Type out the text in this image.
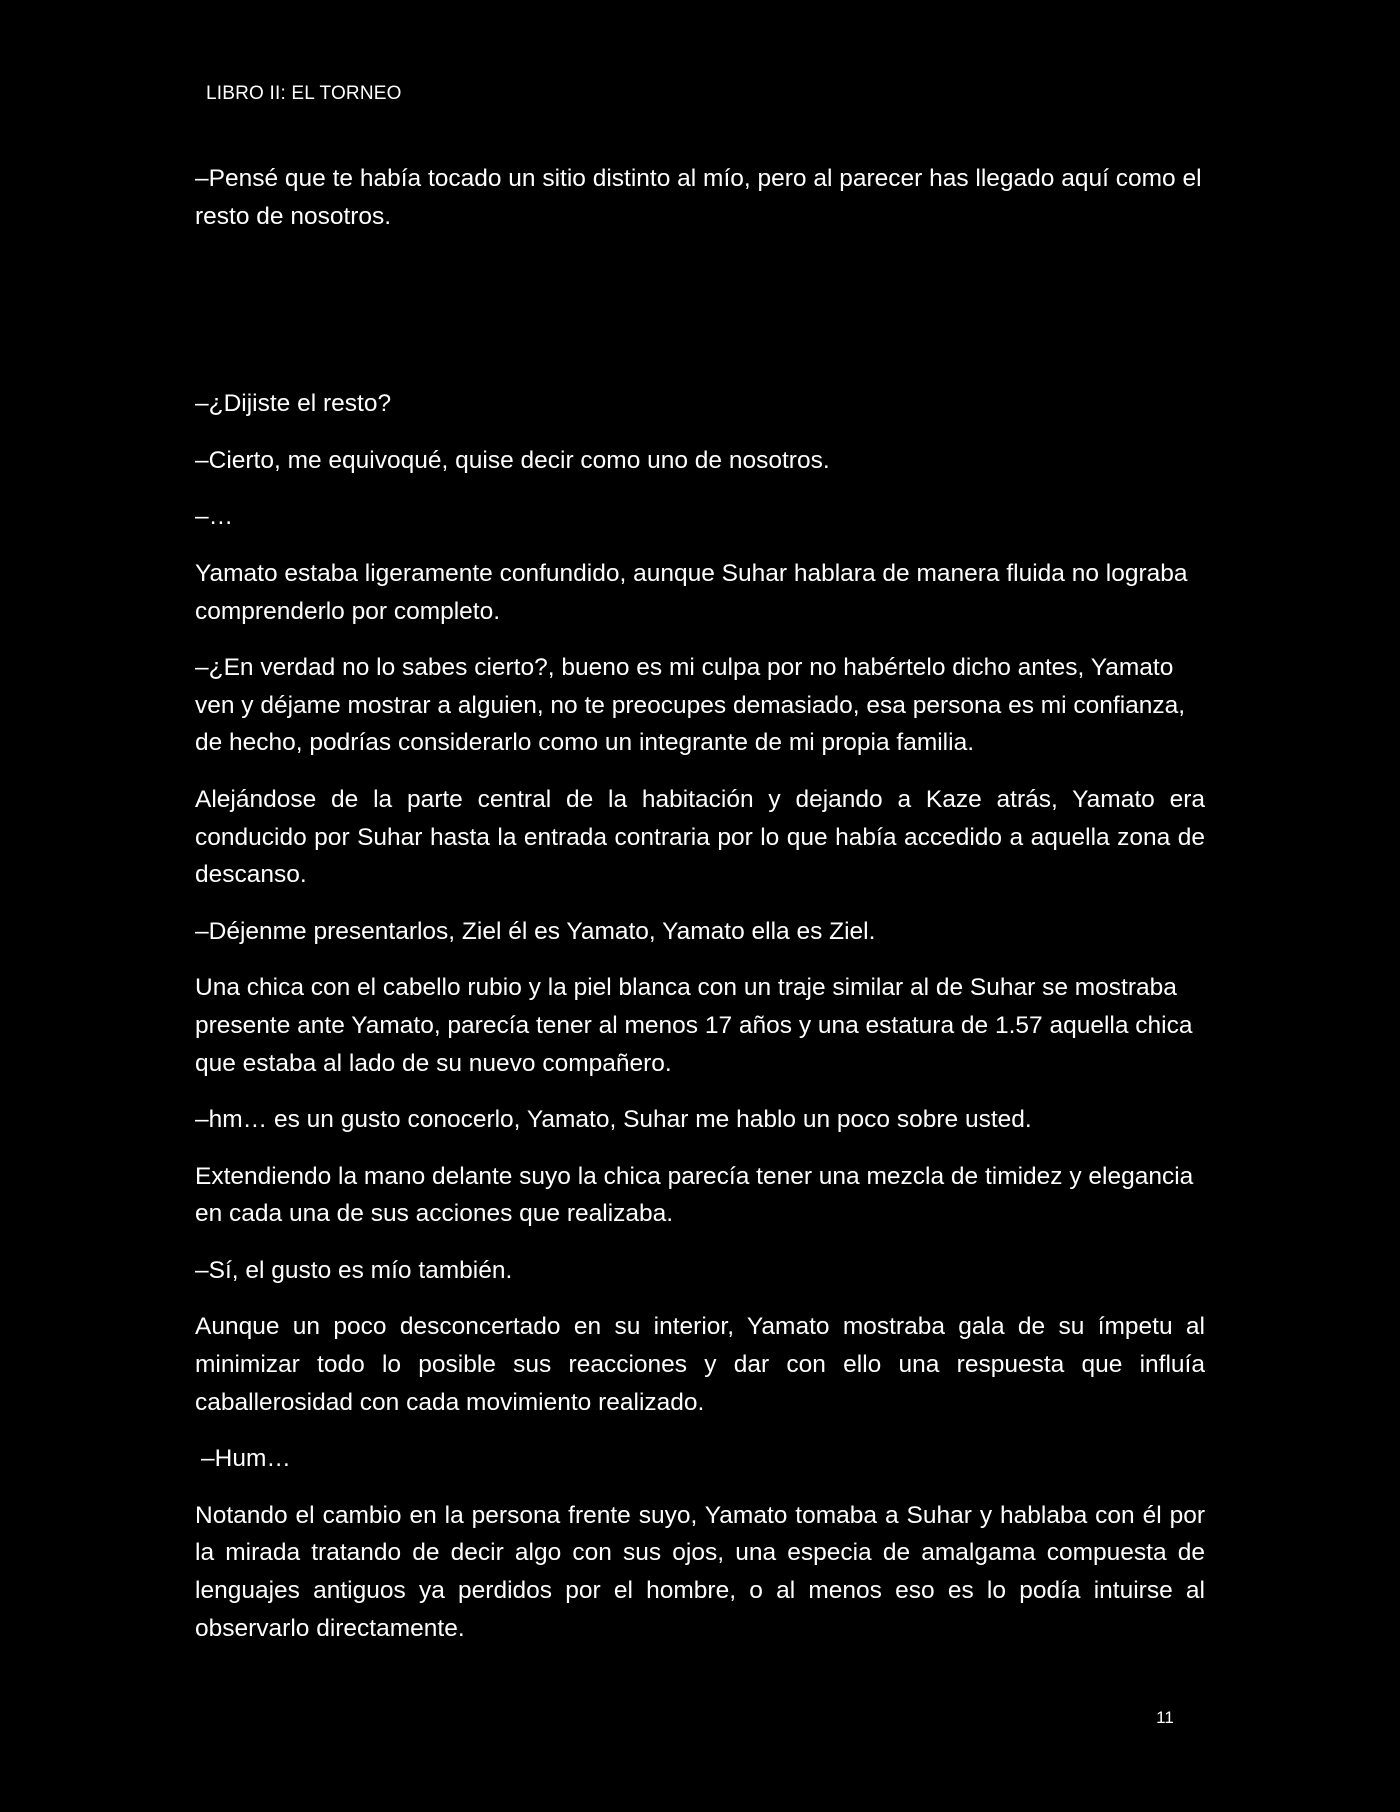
LIBRO II: EL TORNEO

–Pensé que te había tocado un sitio distinto al mío, pero al parecer has llegado aquí como el resto de nosotros.

–¿Dijiste el resto?

–Cierto, me equivoqué, quise decir como uno de nosotros.

–…

Yamato estaba ligeramente confundido, aunque Suhar hablara de manera fluida no lograba comprenderlo por completo.

–¿En verdad no lo sabes cierto?, bueno es mi culpa por no habértelo dicho antes, Yamato ven y déjame mostrar a alguien, no te preocupes demasiado, esa persona es mi confianza, de hecho, podrías considerarlo como un integrante de mi propia familia.

Alejándose de la parte central de la habitación y dejando a Kaze atrás, Yamato era conducido por Suhar hasta la entrada contraria por lo que había accedido a aquella zona de descanso.

–Déjenme presentarlos, Ziel él es Yamato, Yamato ella es Ziel.

Una chica con el cabello rubio y la piel blanca con un traje similar al de Suhar se mostraba presente ante Yamato, parecía tener al menos 17 años y una estatura de 1.57 aquella chica que estaba al lado de su nuevo compañero.

–hm… es un gusto conocerlo, Yamato, Suhar me hablo un poco sobre usted.

Extendiendo la mano delante suyo la chica parecía tener una mezcla de timidez y elegancia en cada una de sus acciones que realizaba.

–Sí, el gusto es mío también.

Aunque un poco desconcertado en su interior, Yamato mostraba gala de su ímpetu al minimizar todo lo posible sus reacciones y dar con ello una respuesta que influía caballerosidad con cada movimiento realizado.

–Hum…

Notando el cambio en la persona frente suyo, Yamato tomaba a Suhar y hablaba con él por la mirada tratando de decir algo con sus ojos, una especia de amalgama compuesta de lenguajes antiguos ya perdidos por el hombre, o al menos eso es lo podía intuirse al observarlo directamente.

11
